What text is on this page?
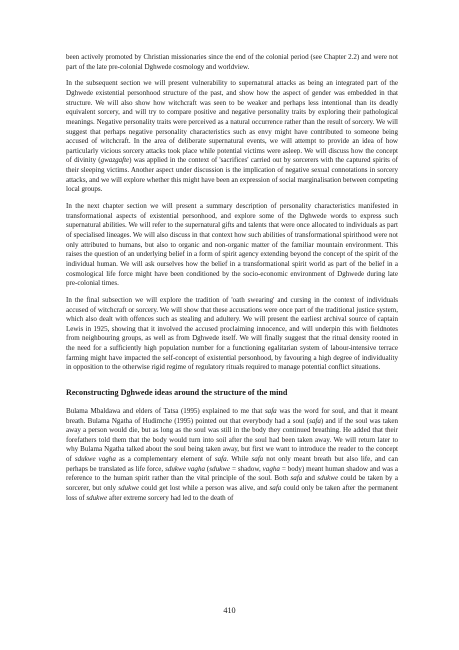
been actively promoted by Christian missionaries since the end of the colonial period (see Chapter 2.2) and were not part of the late pre-colonial Dghwede cosmology and worldview.

In the subsequent section we will present vulnerability to supernatural attacks as being an integrated part of the Dghwede existential personhood structure of the past, and show how the aspect of gender was embedded in that structure. We will also show how witchcraft was seen to be weaker and perhaps less intentional than its deadly equivalent sorcery, and will try to compare positive and negative personality traits by exploring their pathological meanings. Negative personality traits were perceived as a natural occurrence rather than the result of sorcery. We will suggest that perhaps negative personality characteristics such as envy might have contributed to someone being accused of witchcraft. In the area of deliberate supernatural events, we will attempt to provide an idea of how particularly vicious sorcery attacks took place while potential victims were asleep. We will discuss how the concept of divinity (gwazgafte) was applied in the context of 'sacrifices' carried out by sorcerers with the captured spirits of their sleeping victims. Another aspect under discussion is the implication of negative sexual connotations in sorcery attacks, and we will explore whether this might have been an expression of social marginalisation between competing local groups.

In the next chapter section we will present a summary description of personality characteristics manifested in transformational aspects of existential personhood, and explore some of the Dghwede words to express such supernatural abilities. We will refer to the supernatural gifts and talents that were once allocated to individuals as part of specialised lineages. We will also discuss in that context how such abilities of transformational spirithood were not only attributed to humans, but also to organic and non-organic matter of the familiar mountain environment. This raises the question of an underlying belief in a form of spirit agency extending beyond the concept of the spirit of the individual human. We will ask ourselves how the belief in a transformational spirit world as part of the belief in a cosmological life force might have been conditioned by the socio-economic environment of Dghwede during late pre-colonial times.

In the final subsection we will explore the tradition of 'oath swearing' and cursing in the context of individuals accused of witchcraft or sorcery. We will show that these accusations were once part of the traditional justice system, which also dealt with offences such as stealing and adultery. We will present the earliest archival source of captain Lewis in 1925, showing that it involved the accused proclaiming innocence, and will underpin this with fieldnotes from neighbouring groups, as well as from Dghwede itself. We will finally suggest that the ritual density rooted in the need for a sufficiently high population number for a functioning egalitarian system of labour-intensive terrace farming might have impacted the self-concept of existential personhood, by favouring a high degree of individuality in opposition to the otherwise rigid regime of regulatory rituals required to manage potential conflict situations.

Reconstructing Dghwede ideas around the structure of the mind

Bulama Mbaldawa and elders of Tatsa (1995) explained to me that safa was the word for soul, and that it meant breath. Bulama Ngatha of Hudimche (1995) pointed out that everybody had a soul (safa) and if the soul was taken away a person would die, but as long as the soul was still in the body they continued breathing. He added that their forefathers told them that the body would turn into soil after the soul had been taken away. We will return later to why Bulama Ngatha talked about the soul being taken away, but first we want to introduce the reader to the concept of sdukwe vagha as a complementary element of safa. While safa not only meant breath but also life, and can perhaps be translated as life force, sdukwe vagha (sdukwe = shadow, vagha = body) meant human shadow and was a reference to the human spirit rather than the vital principle of the soul. Both safa and sdukwe could be taken by a sorcerer, but only sdukwe could get lost while a person was alive, and safa could only be taken after the permanent loss of sdukwe after extreme sorcery had led to the death of

410
